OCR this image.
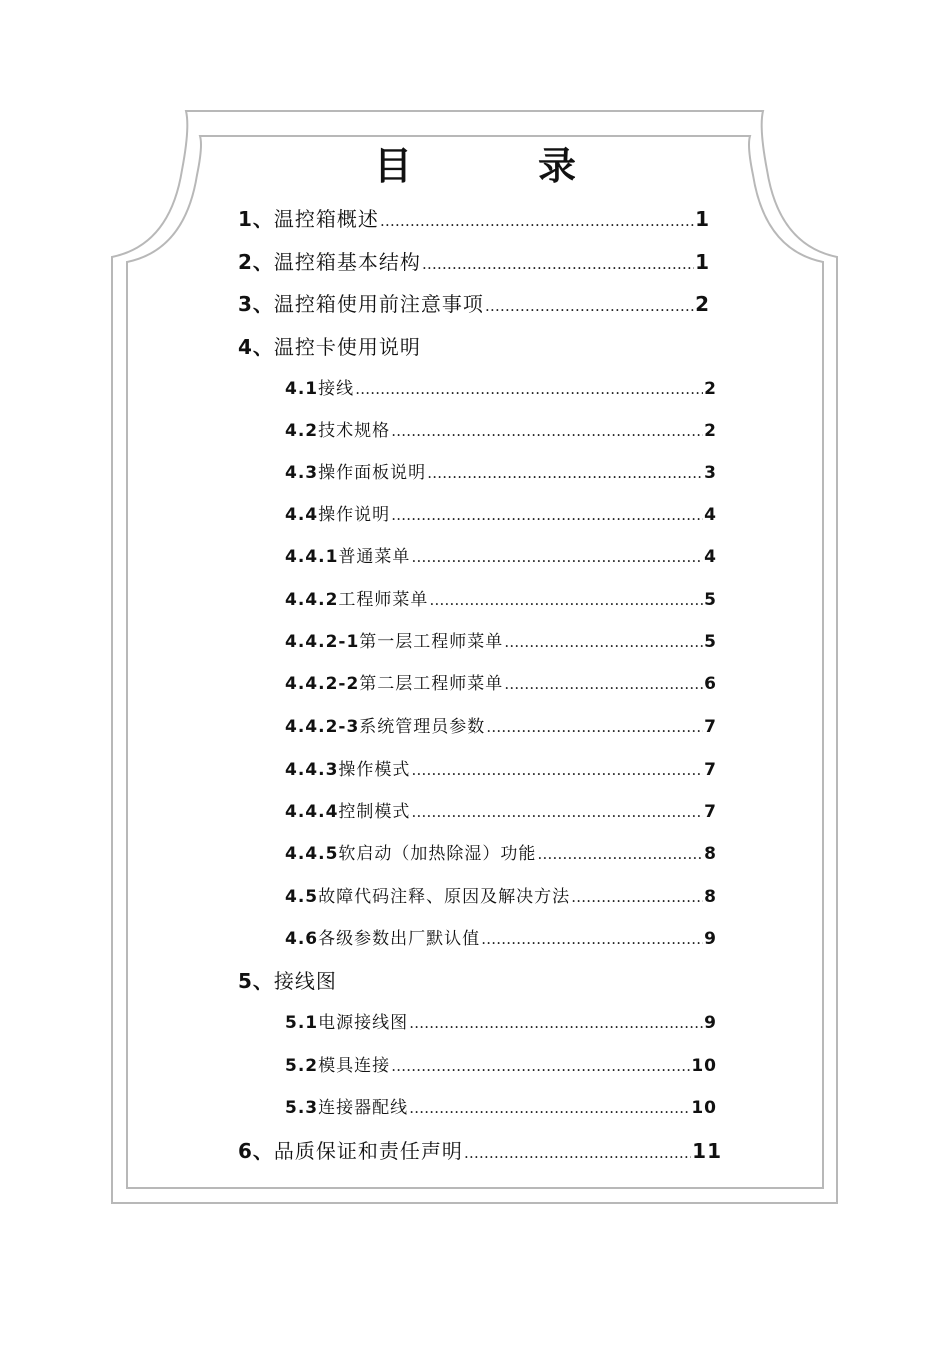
目　录
1、 温控箱概述 …………………………………………………………………………………………………………………………………………………………	1
2、 温控箱基本结构 …………………………………………………………………………………………………………………………………………………………	1
3、 温控箱使用前注意事项 …………………………………………………………………………………………………………………………………………………………	2
4、 温控卡使用说明
4.1 接线 …………………………………………………………………………………………………………………………………………………………	2
4.2 技术规格 …………………………………………………………………………………………………………………………………………………………	2
4.3 操作面板说明 …………………………………………………………………………………………………………………………………………………………	3
4.4 操作说明 …………………………………………………………………………………………………………………………………………………………	4
4.4.1 普通菜单 …………………………………………………………………………………………………………………………………………………………	4
4.4.2 工程师菜单 …………………………………………………………………………………………………………………………………………………………	5
4.4.2-1 第一层工程师菜单 …………………………………………………………………………………………………………………………………………………………	5
4.4.2-2 第二层工程师菜单 …………………………………………………………………………………………………………………………………………………………	6
4.4.2-3 系统管理员参数 …………………………………………………………………………………………………………………………………………………………	7
4.4.3 操作模式 …………………………………………………………………………………………………………………………………………………………	7
4.4.4 控制模式 …………………………………………………………………………………………………………………………………………………………	7
4.4.5 软启动（加热除湿）功能 …………………………………………………………………………………………………………………………………………………………	8
4.5 故障代码注释、原因及解决方法 …………………………………………………………………………………………………………………………………………………………	8
4.6 各级参数出厂默认值 …………………………………………………………………………………………………………………………………………………………	9
5、 接线图
5.1 电源接线图 …………………………………………………………………………………………………………………………………………………………	9
5.2 模具连接 …………………………………………………………………………………………………………………………………………………………	10
5.3 连接器配线 …………………………………………………………………………………………………………………………………………………………	10
6、 品质保证和责任声明 …………………………………………………………………………………………………………………………………………………………	11
